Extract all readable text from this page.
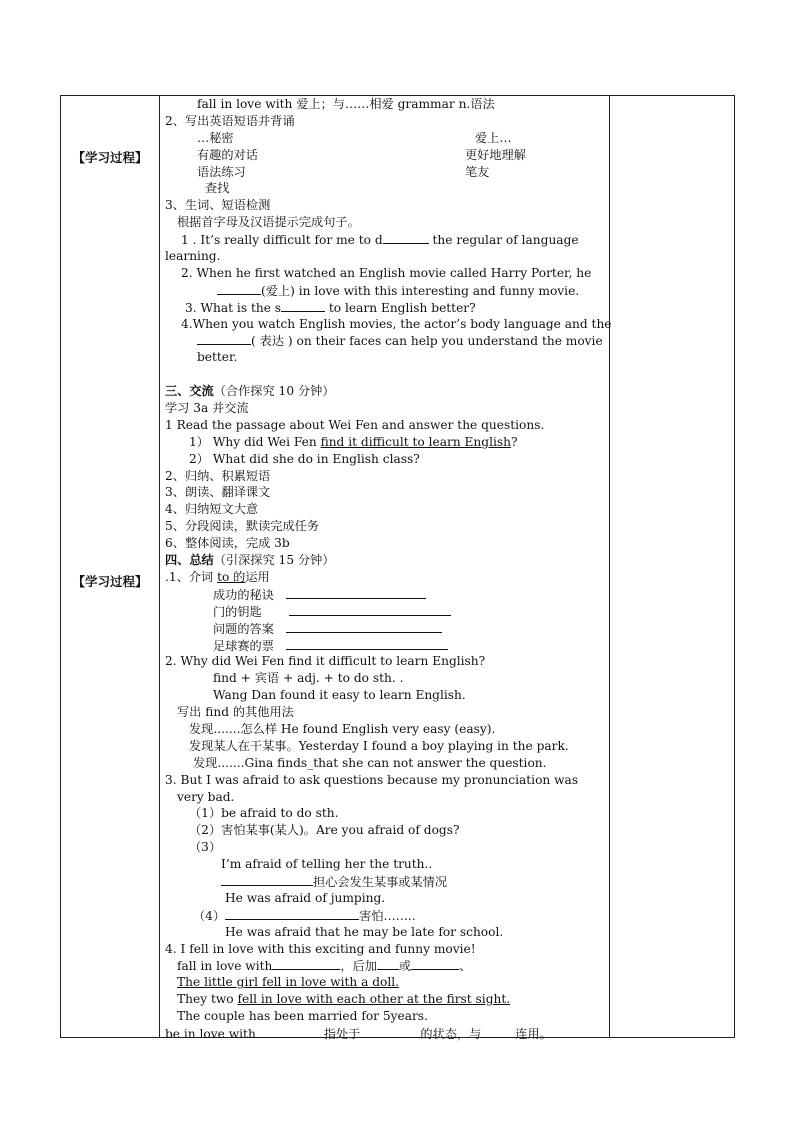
【学习过程】
【学习过程】
fall in love with 爱上；与……相爱 grammar n.语法
2、写出英语短语并背诵
…秘密	爱上…
有趣的对话	更好地理解
语法练习	笔友
查找
3、生词、短语检测
根据首字母及汉语提示完成句子。
1 . It’s really difficult for me to d	the regular of language
learning.
2. When he first watched an English movie called Harry Porter, he
(爱上) in love with this interesting and funny movie.
3. What is the s	to learn English better?
4.When you watch English movies, the actor’s body language and the
( 表达 ) on their faces can help you understand the movie
better.
三、交流（合作探究 10 分钟）
学习 3a 并交流
1 Read the passage about Wei Fen and answer the questions.
1） Why did Wei Fen find it difficult to learn English?
2） What did she do in English class?
2、归纳、积累短语
3、朗读、翻译课文
4、归纳短文大意
5、分段阅读，默读完成任务
6、整体阅读，完成 3b
四、总结（引深探究 15 分钟）
.1、介词 to 的运用
成功的秘诀
门的钥匙
问题的答案
足球赛的票
2. Why did Wei Fen find it difficult to learn English?
find + 宾语 + adj. + to do sth. .
Wang Dan found it easy to learn English.
写出 find 的其他用法
发现.......怎么样 He found English very easy (easy).
发现某人在干某事。Yesterday I found a boy playing in the park.
发现.......Gina finds_that she can not answer the question.
3. But I was afraid to ask questions because my pronunciation was
very bad.
（1）be afraid to do sth.
（2）害怕某事(某人)。Are you afraid of dogs?
（3）
I’m afraid of telling her the truth..
担心会发生某事或某情况
He was afraid of jumping.
（4）	害怕……..
He was afraid that he may be late for school.
4. I fell in love with this exciting and funny movie!
fall in love with	，后加 或	、
The little girl fell in love with a doll.
They two fell in love with each other at the first sight.
The couple has been married for 5years.
be in love with	指处于	的状态，与	连用。
